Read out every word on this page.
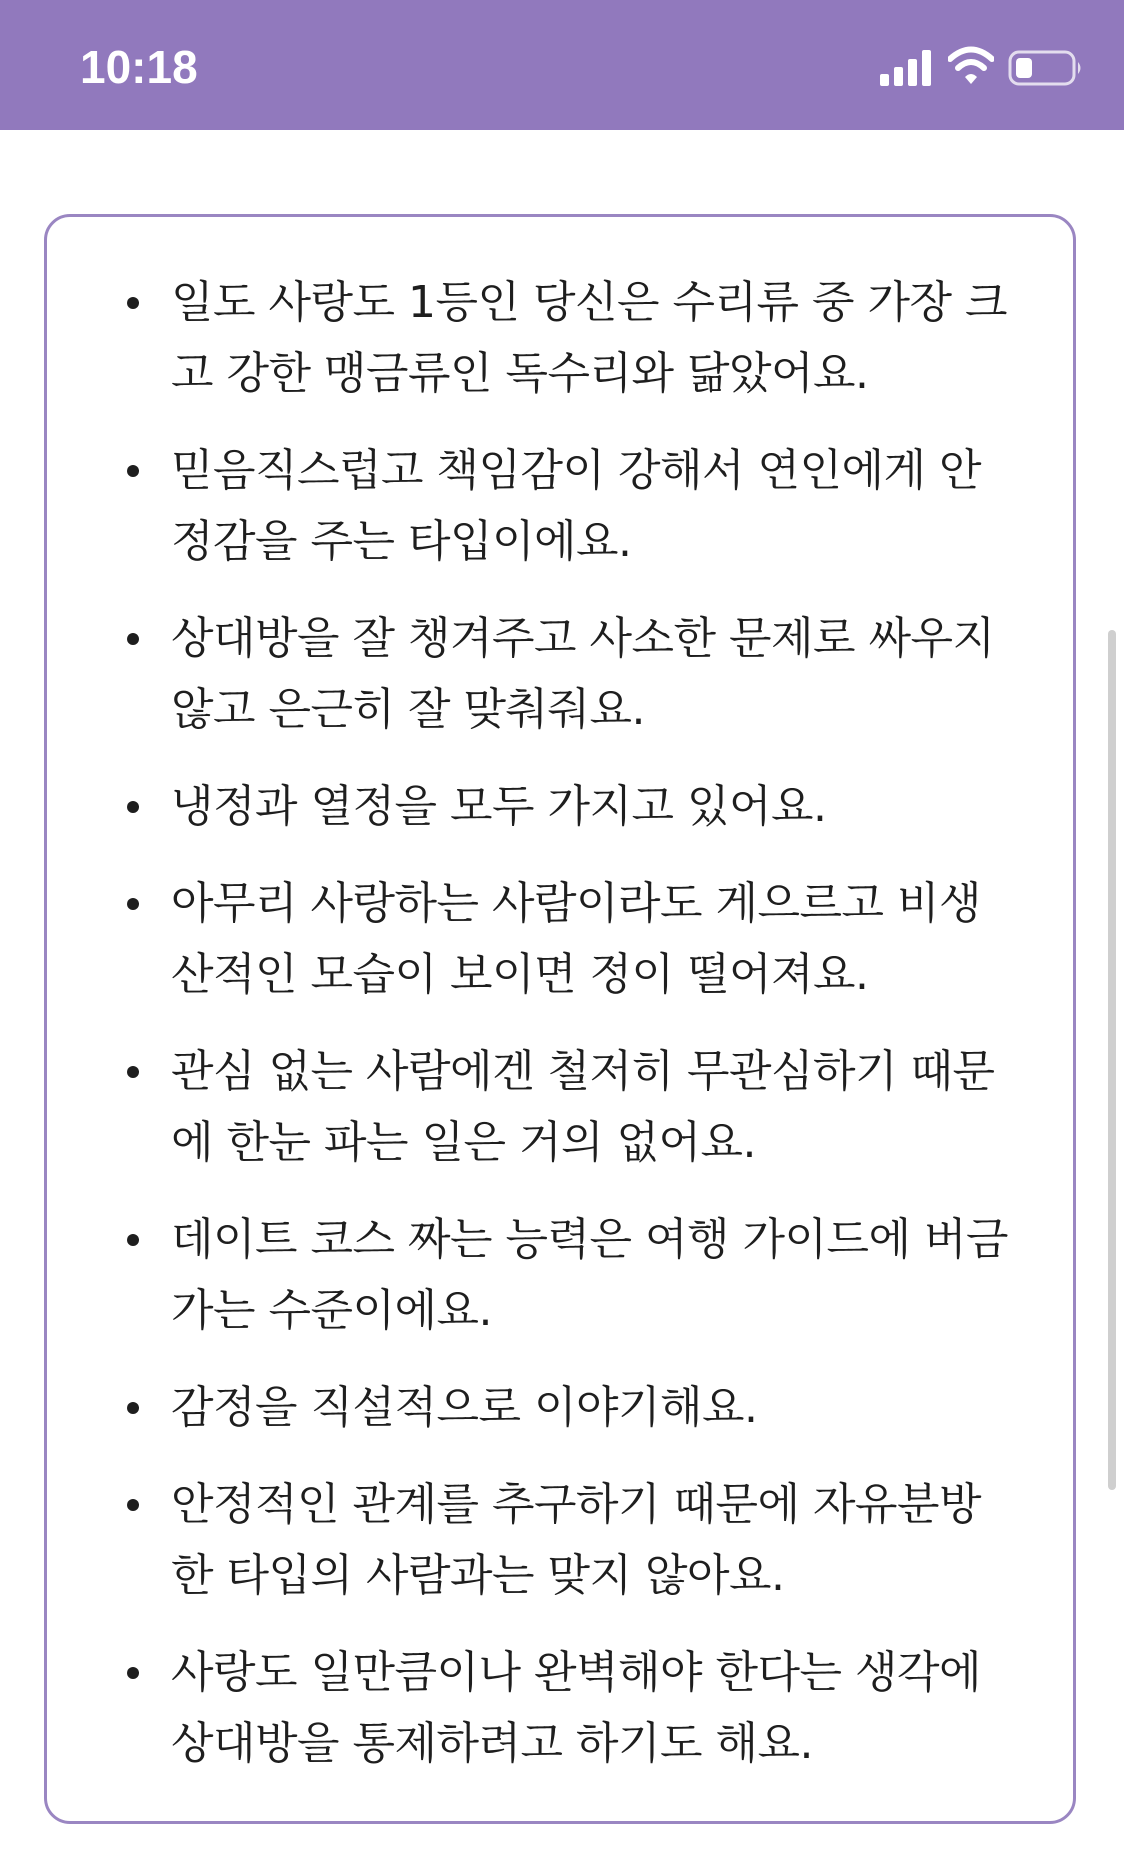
10:18
일도 사랑도 1등인 당신은 수리류 중 가장 크고 강한 맹금류인 독수리와 닮았어요.
믿음직스럽고 책임감이 강해서 연인에게 안정감을 주는 타입이에요.
상대방을 잘 챙겨주고 사소한 문제로 싸우지 않고 은근히 잘 맞춰줘요.
냉정과 열정을 모두 가지고 있어요.
아무리 사랑하는 사람이라도 게으르고 비생산적인 모습이 보이면 정이 떨어져요.
관심 없는 사람에겐 철저히 무관심하기 때문에 한눈 파는 일은 거의 없어요.
데이트 코스 짜는 능력은 여행 가이드에 버금가는 수준이에요.
감정을 직설적으로 이야기해요.
안정적인 관계를 추구하기 때문에 자유분방한 타입의 사람과는 맞지 않아요.
사랑도 일만큼이나 완벽해야 한다는 생각에 상대방을 통제하려고 하기도 해요.
